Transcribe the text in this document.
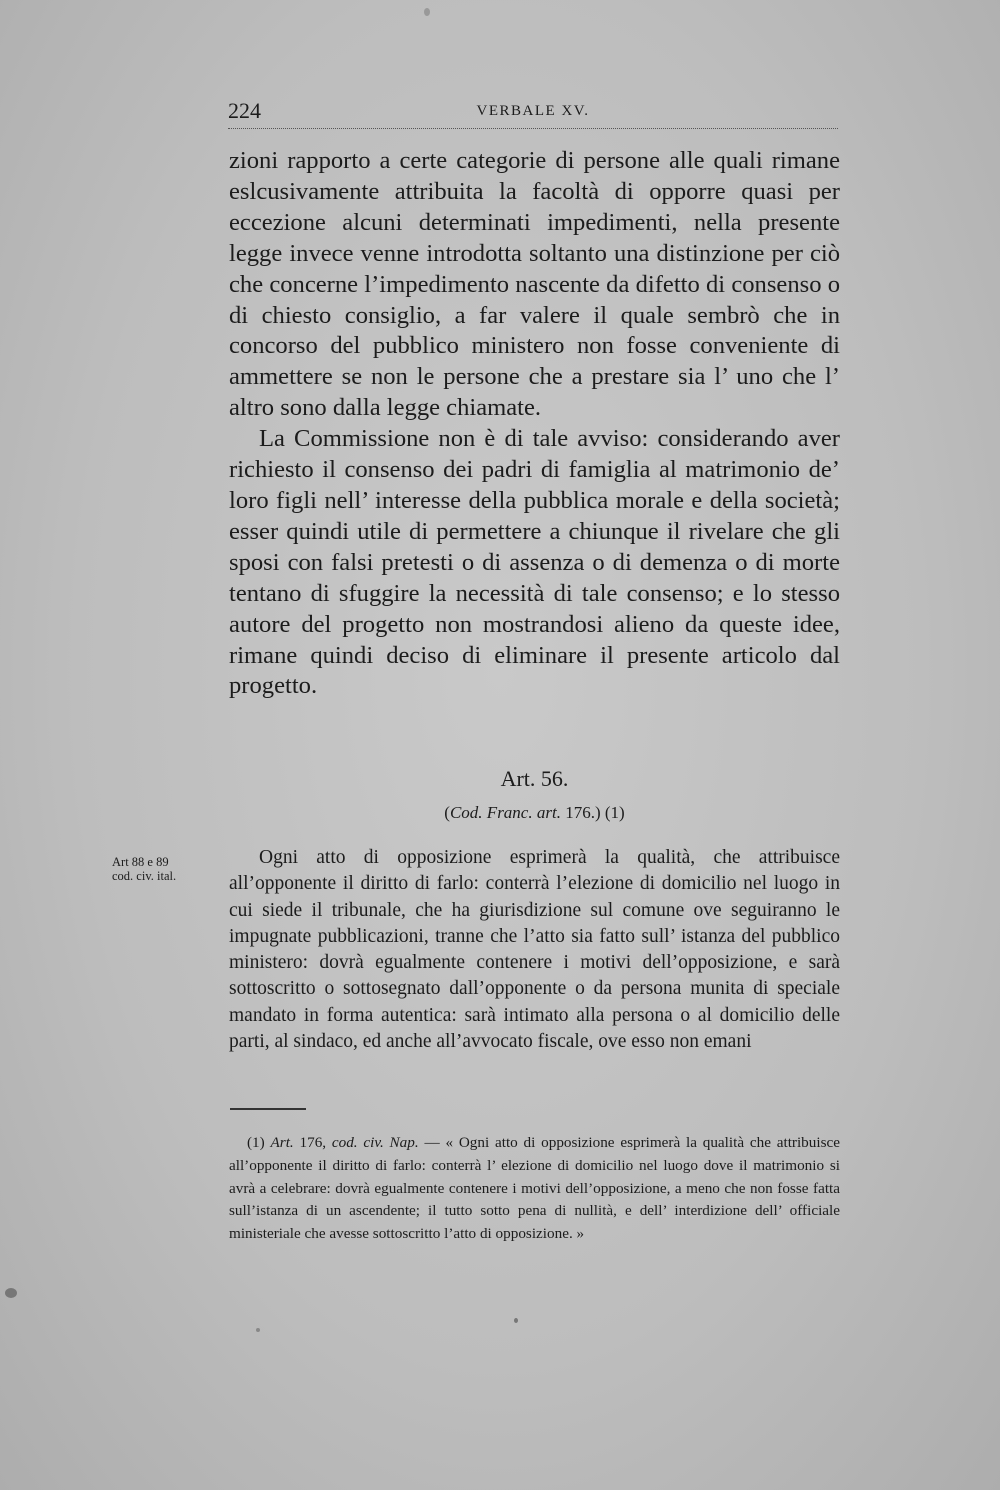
224	VERBALE XV.

zioni rapporto a certe categorie di persone alle quali rimane eslcusivamente attribuita la facoltà di opporre quasi per eccezione alcuni determinati impedimenti, nella presente legge invece venne introdotta soltanto una distinzione per ciò che concerne l’impedimento nascente da difetto di consenso o di chiesto consiglio, a far valere il quale sembrò che in concorso del pubblico ministero non fosse conveniente di ammettere se non le persone che a prestare sia l’ uno che l’ altro sono dalla legge chiamate.

La Commissione non è di tale avviso: considerando aver richiesto il consenso dei padri di famiglia al matrimonio de’ loro figli nell’ interesse della pubblica morale e della società; esser quindi utile di permettere a chiunque il rivelare che gli sposi con falsi pretesti o di assenza o di demenza o di morte tentano di sfuggire la necessità di tale consenso; e lo stesso autore del progetto non mostrandosi alieno da queste idee, rimane quindi deciso di eliminare il presente articolo dal progetto.

Art. 56.
(Cod. Franc. art. 176.) (1)
Art 88 e 89
cod. civ. ital.
Ogni atto di opposizione esprimerà la qualità, che attribuisce all’opponente il diritto di farlo: conterrà l’elezione di domicilio nel luogo in cui siede il tribunale, che ha giurisdizione sul comune ove seguiranno le impugnate pubblicazioni, tranne che l’atto sia fatto sull’ istanza del pubblico ministero: dovrà egualmente contenere i motivi dell’opposizione, e sarà sottoscritto o sottosegnato dall’opponente o da persona munita di speciale mandato in forma autentica: sarà intimato alla persona o al domicilio delle parti, al sindaco, ed anche all’avvocato fiscale, ove esso non emani
(1) Art. 176, cod. civ. Nap. — « Ogni atto di opposizione esprimerà la qualità che attribuisce all’opponente il diritto di farlo: conterrà l’ elezione di domicilio nel luogo dove il matrimonio si avrà a celebrare: dovrà egualmente contenere i motivi dell’opposizione, a meno che non fosse fatta sull’istanza di un ascendente; il tutto sotto pena di nullità, e dell’ interdizione dell’ officiale ministeriale che avesse sottoscritto l’atto di opposizione. »
